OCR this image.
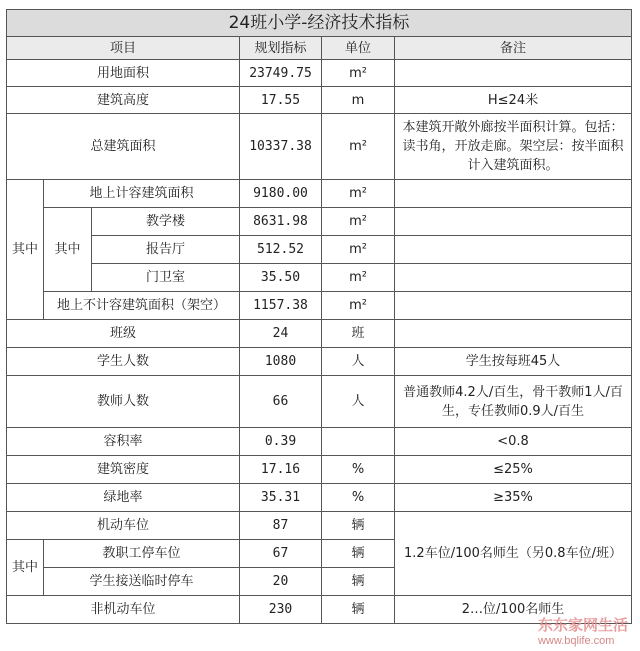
24班小学-经济技术指标					
项目			规划指标	单位	备注
用地面积			23749.75	m²	
建筑高度			17.55	m	H≤24米
总建筑面积			10337.38	m²	本建筑开敞外廊按半面积计算。包括：读书角，开放走廊。架空层：按半面积计入建筑面积。
其中	地上计容建筑面积		9180.00	m²	
	其中	教学楼	8631.98	m²	
		报告厅	512.52	m²	
		门卫室	35.50	m²	
	地上不计容建筑面积（架空）		1157.38	m²	
班级			24	班	
学生人数			1080	人	学生按每班45人
教师人数			66	人	普通教师4.2人/百生，骨干教师1人/百生，专任教师0.9人/百生
容积率			0.39		<0.8
建筑密度			17.16	%	≤25%
绿地率			35.31	%	≥35%
机动车位			87	辆	1.2车位/100名师生（另0.8车位/班）
其中	教职工停车位		67	辆	
	学生接送临时停车		20	辆	
非机动车位			230	辆	2…位/100名师生
东东家网生活
www.bqlife.com
